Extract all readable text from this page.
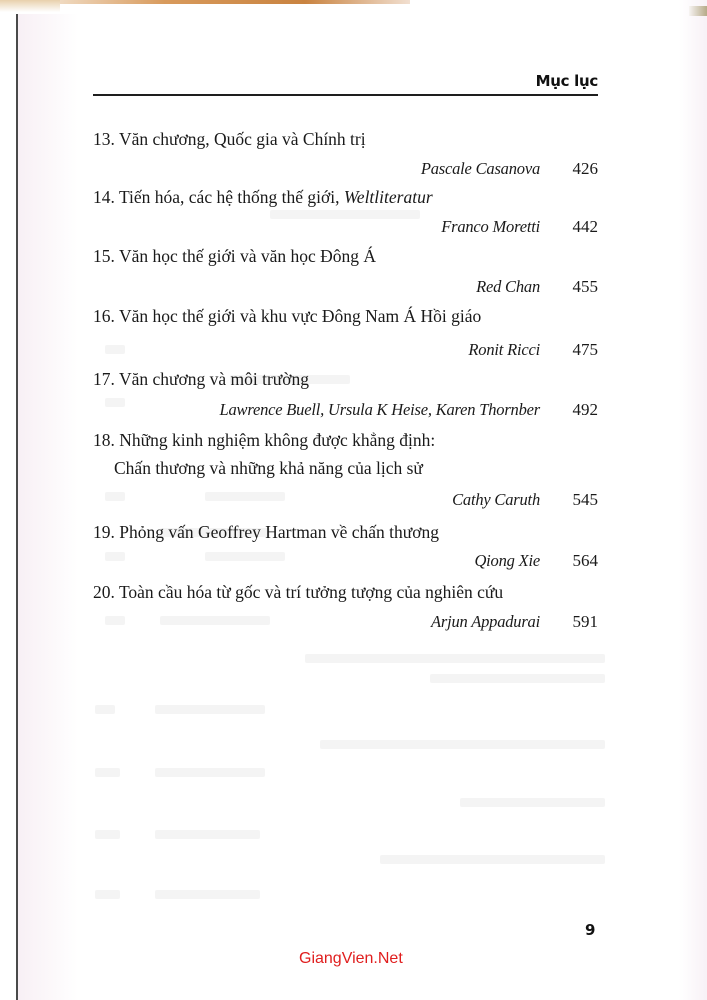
Mục lục
13. Văn chương, Quốc gia và Chính trị
Pascale Casanova 426
14. Tiến hóa, các hệ thống thế giới, Weltliteratur
Franco Moretti 442
15. Văn học thế giới và văn học Đông Á
Red Chan 455
16. Văn học thế giới và khu vực Đông Nam Á Hồi giáo
Ronit Ricci 475
17. Văn chương và môi trường
Lawrence Buell, Ursula K Heise, Karen Thornber 492
18. Những kinh nghiệm không được khẳng định:
Chấn thương và những khả năng của lịch sử
Cathy Caruth 545
19. Phỏng vấn Geoffrey Hartman về chấn thương
Qiong Xie 564
20. Toàn cầu hóa từ gốc và trí tưởng tượng của nghiên cứu
Arjun Appadurai 591
9
GiangVien.Net
